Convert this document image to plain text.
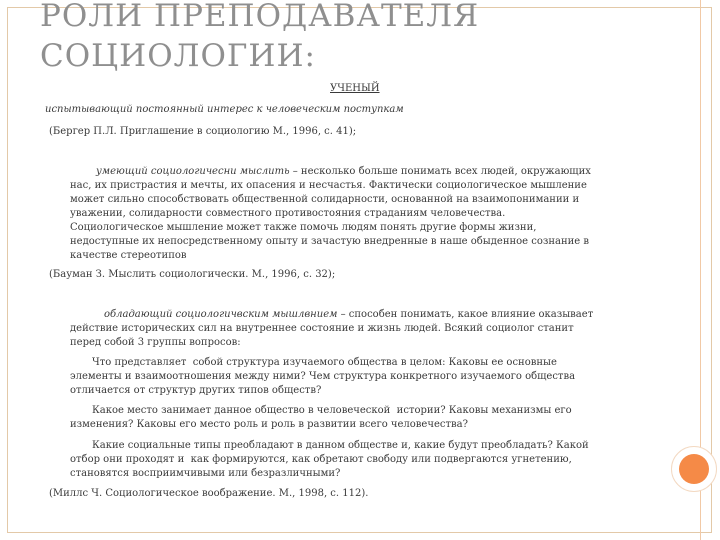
РОЛИ ПРЕПОДАВАТЕЛЯ
СОЦИОЛОГИИ:

УЧЕНЫЙ

испытывающий постоянный интерес к человеческим поступкам

(Бергер П.Л. Приглашение в социологию М., 1996, с. 41);

умеющий социологичесни мыслить – несколько больше понимать всех людей, окружающих

нас, их пристрастия и мечты, их опасения и несчастья. Фактически социологическое мышление

может сильно способствовать общественной солидарности, основанной на взаимопонимании и

уважении, солидарности совместного противостояния страданиям человечества.

Социологическое мышление может также помочь людям понять другие формы жизни,

недоступные их непосредственному опыту и зачастую внедренные в наше обыденное сознание в

качестве стереотипов

(Бауман З. Мыслить социологически. М., 1996, с. 32);

обладающий социологичвским мышлвнием – способен понимать, какое влияние оказывает

действие исторических сил на внутреннее состояние и жизнь людей. Всякий социолог станит

перед собой 3 группы вопросов:

Что представляет  собой структура изучаемого общества в целом: Каковы ее основные

элементы и взаимоотношения между ними? Чем структура конкретного изучаемого общества

отличается от структур других типов обществ?

Какое место занимает данное общество в человеческой  истории? Каковы механизмы его

изменения? Каковы его место роль и роль в развитии всего человечества?

Какие социальные типы преобладают в данном обществе и, какие будут преобладать? Какой

отбор они проходят и  как формируются, как обретают свободу или подвергаются угнетению,

становятся восприимчивыми или безразличными?

(Миллс Ч. Социологическое воображение. М., 1998, с. 112).
